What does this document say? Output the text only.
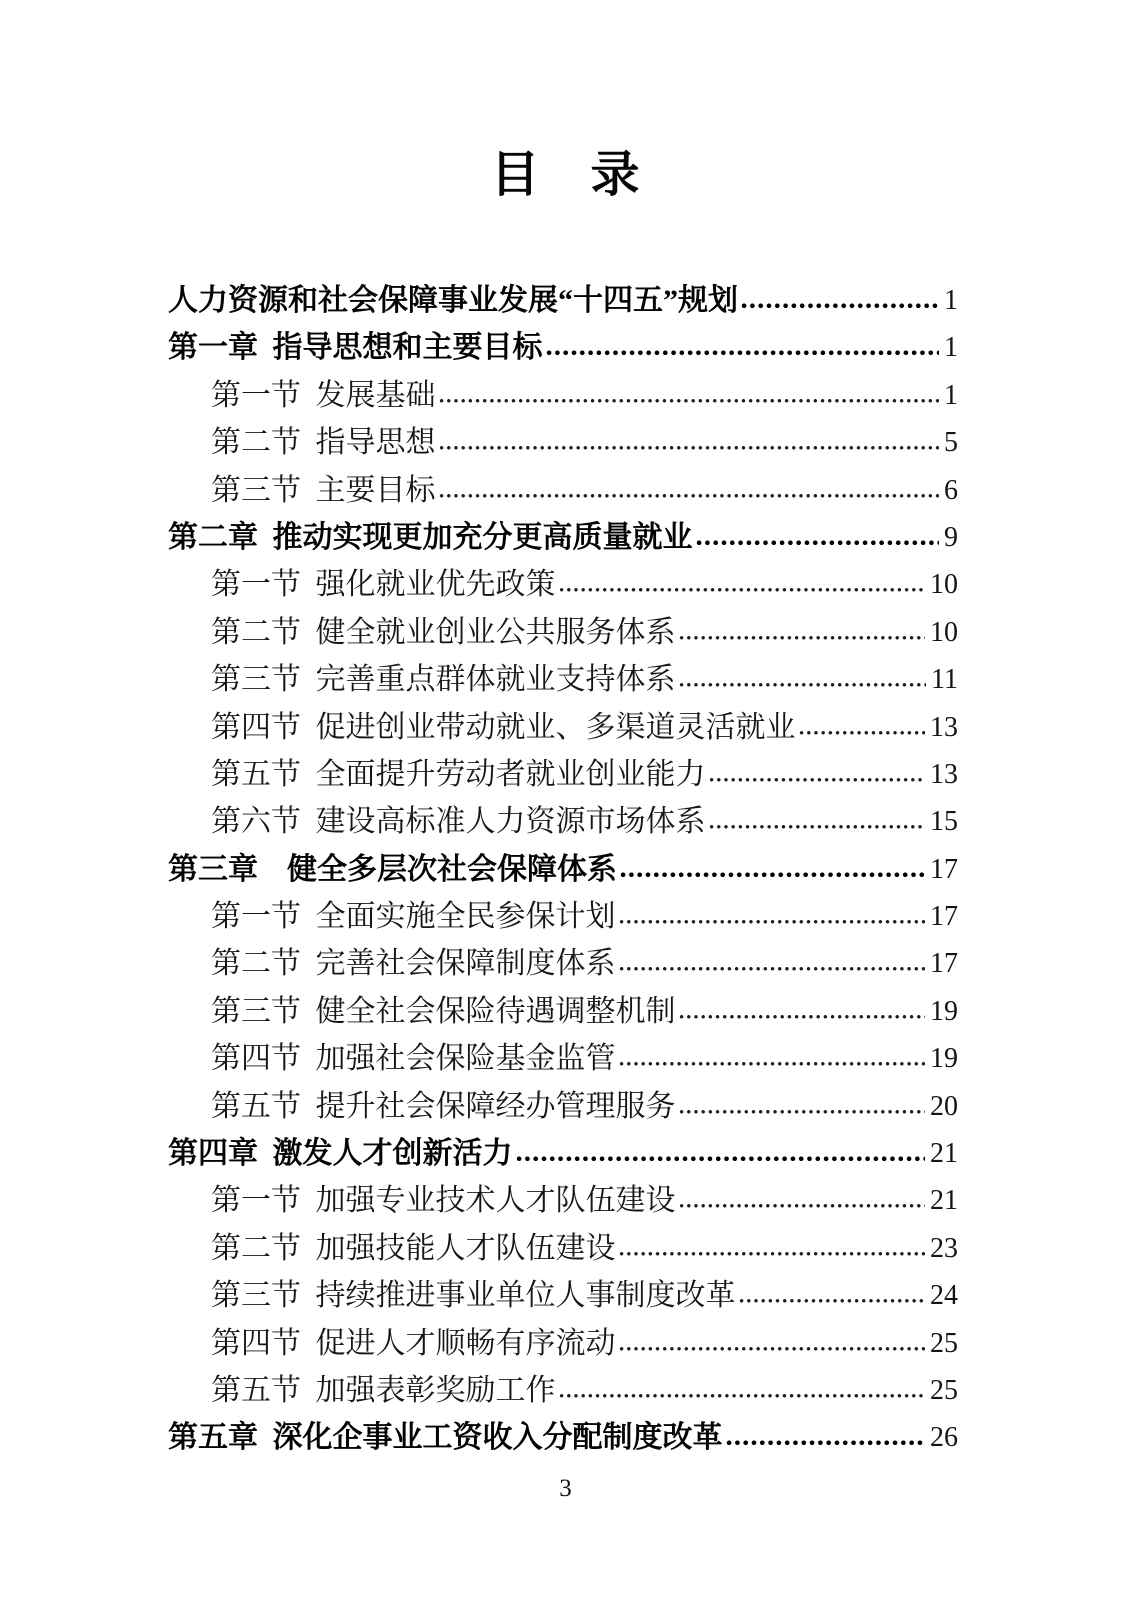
目　录
人力资源和社会保障事业发展“十四五”规划	1
第一章 指导思想和主要目标	1
第一节 发展基础	1
第二节 指导思想	5
第三节 主要目标	6
第二章 推动实现更加充分更高质量就业	9
第一节 强化就业优先政策	10
第二节 健全就业创业公共服务体系	10
第三节 完善重点群体就业支持体系	11
第四节 促进创业带动就业、多渠道灵活就业	13
第五节 全面提升劳动者就业创业能力	13
第六节 建设高标准人力资源市场体系	15
第三章  健全多层次社会保障体系	17
第一节 全面实施全民参保计划	17
第二节 完善社会保障制度体系	17
第三节 健全社会保险待遇调整机制	19
第四节 加强社会保险基金监管	19
第五节 提升社会保障经办管理服务	20
第四章 激发人才创新活力	21
第一节 加强专业技术人才队伍建设	21
第二节 加强技能人才队伍建设	23
第三节 持续推进事业单位人事制度改革	24
第四节 促进人才顺畅有序流动	25
第五节 加强表彰奖励工作	25
第五章 深化企事业工资收入分配制度改革	26
3
